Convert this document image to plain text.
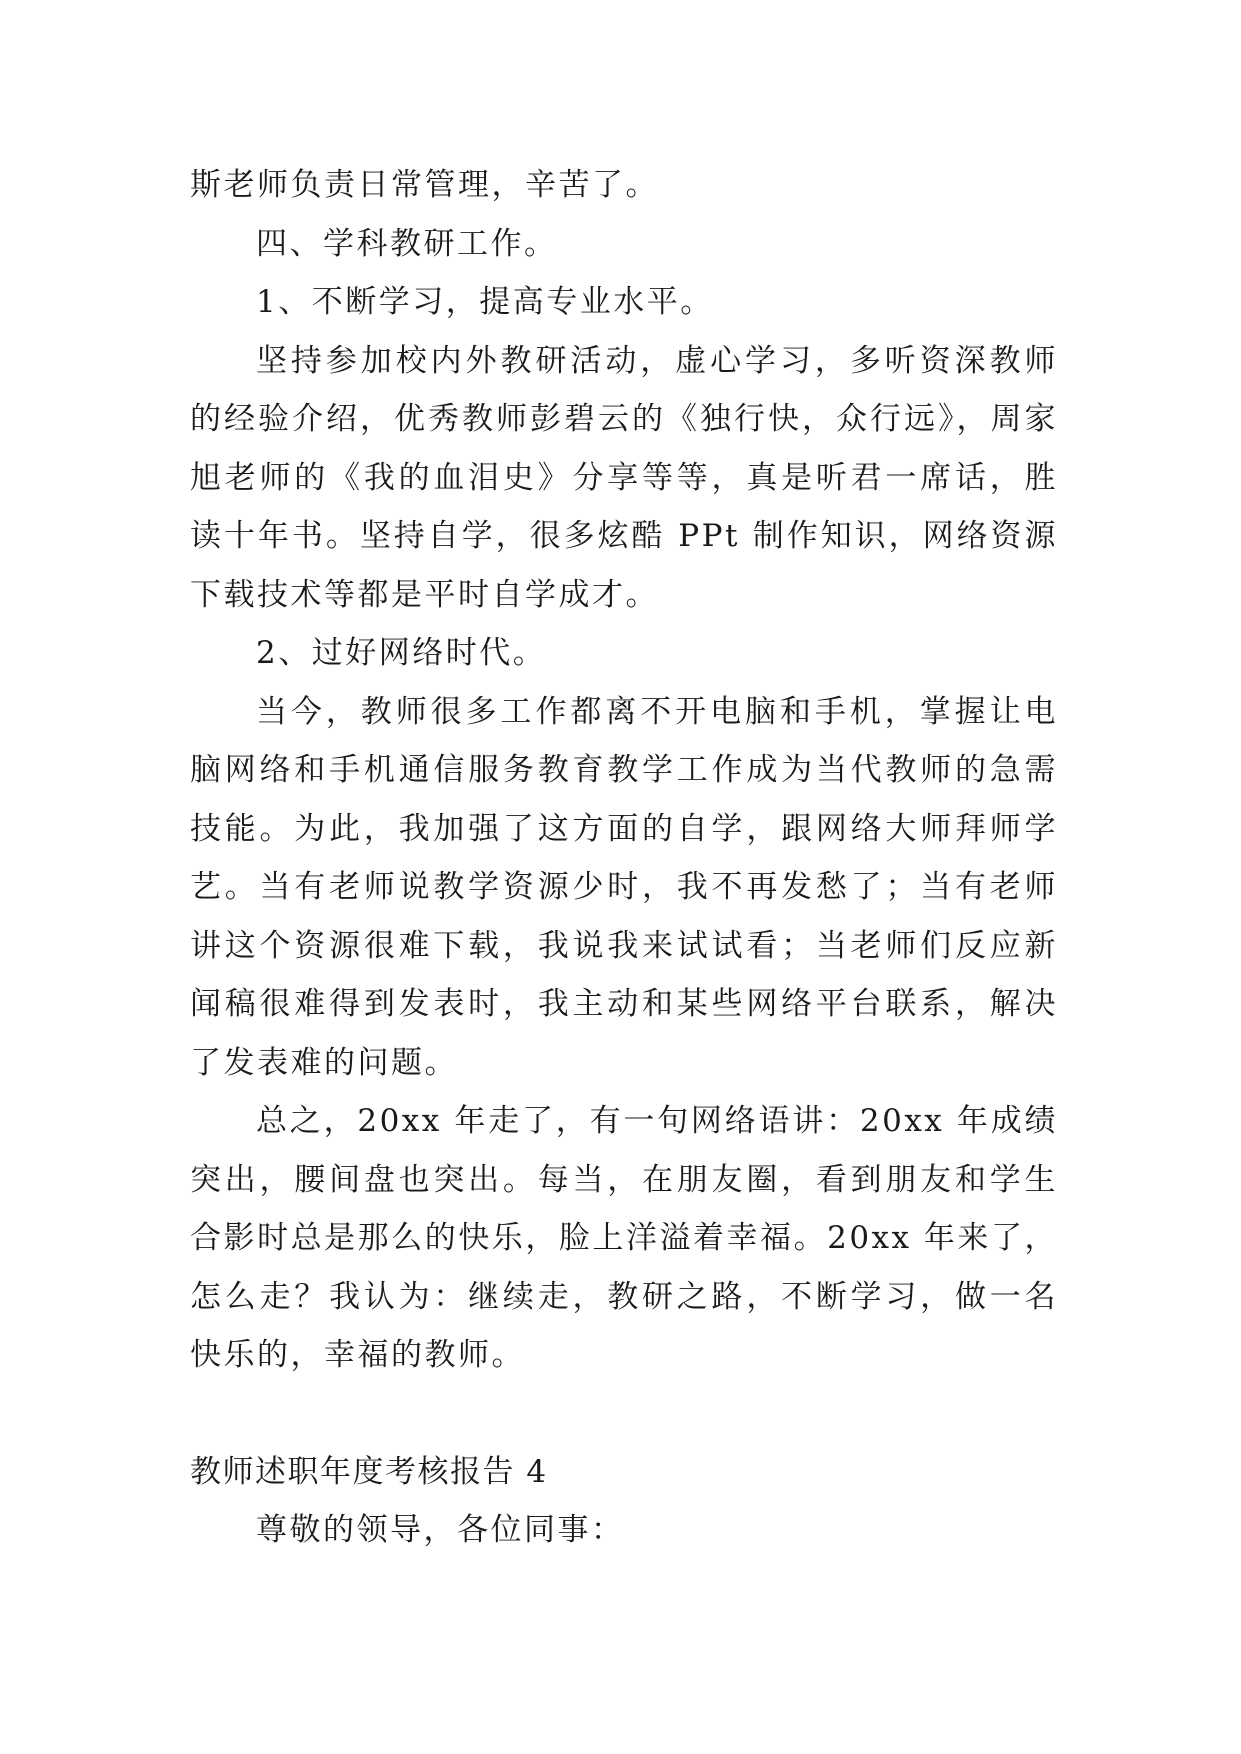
斯老师负责日常管理，辛苦了。

四、学科教研工作。

1、不断学习，提高专业水平。

坚持参加校内外教研活动，虚心学习，多听资深教师的经验介绍，优秀教师彭碧云的《独行快，众行远》，周家旭老师的《我的血泪史》分享等等，真是听君一席话，胜读十年书。坚持自学，很多炫酷 PPt 制作知识，网络资源下载技术等都是平时自学成才。

2、过好网络时代。

当今，教师很多工作都离不开电脑和手机，掌握让电脑网络和手机通信服务教育教学工作成为当代教师的急需技能。为此，我加强了这方面的自学，跟网络大师拜师学艺。当有老师说教学资源少时，我不再发愁了；当有老师讲这个资源很难下载，我说我来试试看；当老师们反应新闻稿很难得到发表时，我主动和某些网络平台联系，解决了发表难的问题。

总之，20xx 年走了，有一句网络语讲：20xx 年成绩突出，腰间盘也突出。每当，在朋友圈，看到朋友和学生合影时总是那么的快乐，脸上洋溢着幸福。20xx 年来了，怎么走？我认为：继续走，教研之路，不断学习，做一名快乐的，幸福的教师。

教师述职年度考核报告 4

尊敬的领导，各位同事：
